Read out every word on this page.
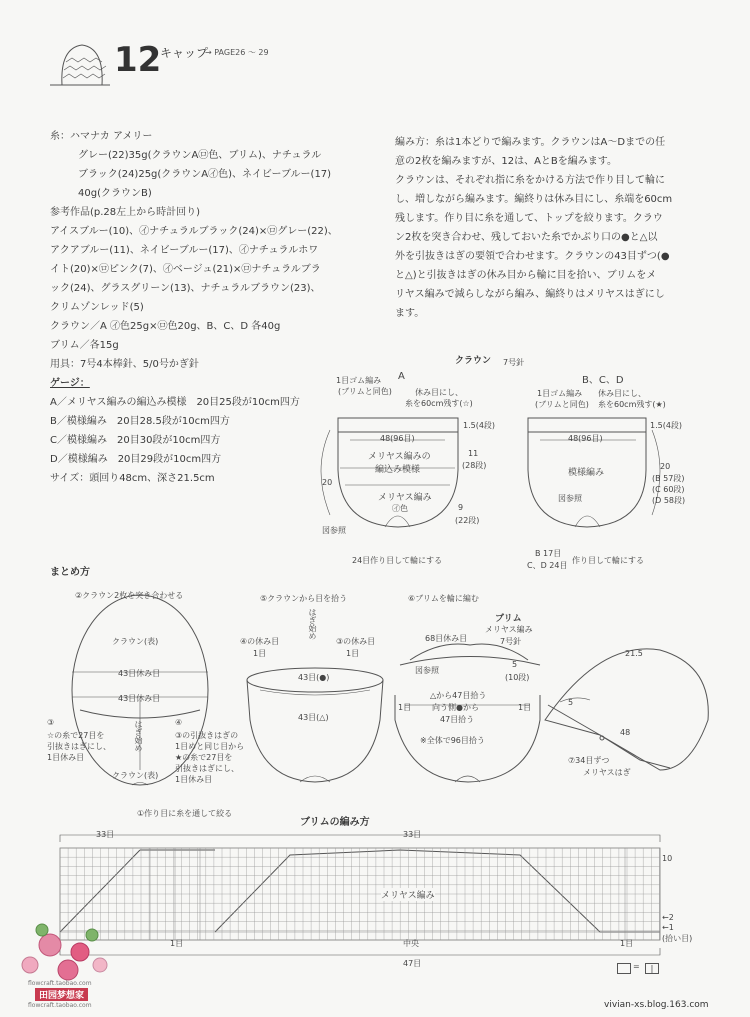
12
キャップ
→ PAGE26 ～ 29
糸：ハマナカ アメリー
グレー(22)35g(クラウンA㋺色、ブリム)、ナチュラル
ブラック(24)25g(クラウンA㋑色)、ネイビーブルー(17)
40g(クラウンB)
参考作品(p.28左上から時計回り)
アイスブルー(10)、㋑ナチュラルブラック(24)×㋺グレー(22)、
アクアブルー(11)、ネイビーブルー(17)、㋑ナチュラルホワ
イト(20)×㋺ピンク(7)、㋑ベージュ(21)×㋺ナチュラルブラ
ック(24)、グラスグリーン(13)、ナチュラルブラウン(23)、
クリムゾンレッド(5)
クラウン／A ㋑色25g×㋺色20g、B、C、D 各40g
ブリム／各15g
用具：7号4本棒針、5/0号かぎ針
ゲージ：
A／メリヤス編みの編込み模様　20目25段が10cm四方
B／模様編み　20目28.5段が10cm四方
C／模様編み　20目30段が10cm四方
D／模様編み　20目29段が10cm四方
サイズ：頭回り48cm、深さ21.5cm
編み方：糸は1本どりで編みます。クラウンはA～Dまでの任
意の2枚を編みますが、12は、AとBを編みます。
クラウンは、それぞれ指に糸をかける方法で作り目して輪に
し、増しながら編みます。編終りは休み目にし、糸端を60cm
残します。作り目に糸を通して、トップを絞ります。クラウ
ン2枚を突き合わせ、残しておいた糸でかぶり口の●と△以
外を引抜きはぎの要領で合わせます。クラウンの43目ずつ(●
と△)と引抜きはぎの休み目から輪に目を拾い、ブリムをメ
リヤス編みで減らしながら編み、編終りはメリヤスはぎにし
ます。
クラウン 7号針
1目ゴム編み
(ブリムと同色)
A
休み目にし、
糸を60cm残す(☆)
48(96目)
1.5(4段)
メリヤス編みの
編込み模様
11
(28段)
メリヤス編み
㋑色	9
(22段)
20
図参照
24目作り目して輪にする
B、C、D
1目ゴム編み
(ブリムと同色)
休み目にし、
糸を60cm残す(★)
48(96目)
1.5(4段)
模様編み
20
(B 57段)
(C 60段)
(D 58段)
図参照
B 17目
C、D 24目
作り目して輪にする
まとめ方
②クラウン2枚を突き合わせる
クラウン(表)
43目休み目
43目休み目
はぎ始め
③
☆の糸で27目を
引抜きはぎにし、
1目休み目
④
③の引抜きはぎの
1目めと同じ目から
★の糸で27目を
引抜きはぎにし、
1目休み目
クラウン(表)
①作り目に糸を通して絞る
⑤クラウンから目を拾う
④の休み目
1目
はぎ始め
③の休み目
1目
43目(●)
43目(△)
⑥ブリムを輪に編む
ブリム
メリヤス編み
7号針
68目休み目
図参照
5
(10段)
1目
△から47目拾う
向う側●から
47目拾う
1目
※全体で96目拾う
21.5
5
48
⑦34目ずつ
メリヤスはぎ
ブリムの編み方
33目	33目
メリヤス編み
中央
47目
1目	1目
10
←2
←1
(拾い目)
=	|
flowcraft.taobao.com
田园梦想家
flowcraft.taobao.com	vivian-xs.blog.163.com
